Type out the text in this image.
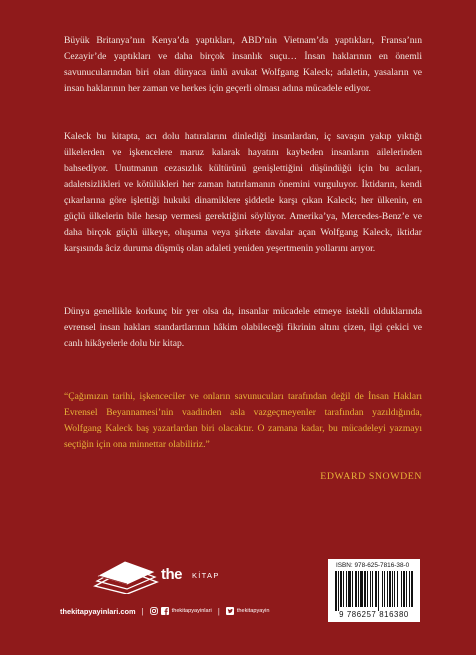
Büyük Britanya’nın Kenya’da yaptıkları, ABD’nin Vietnam’da yaptıkları, Fransa’nın Cezayir’de yaptıkları ve daha birçok insanlık suçu… İnsan haklarının en önemli savunucularından biri olan dünyaca ünlü avukat Wolfgang Kaleck; adaletin, yasaların ve insan haklarının her zaman ve herkes için geçerli olması adına mücadele ediyor.

Kaleck bu kitapta, acı dolu hatıralarını dinlediği insanlardan, iç savaşın yakıp yıktığı ülkelerden ve işkencelere maruz kalarak hayatını kaybeden insanların ailelerinden bahsediyor. Unutmanın cezasızlık kültürünü genişlettiğini düşündüğü için bu acıları, adaletsizlikleri ve kötülükleri her zaman hatırlamanın önemini vurguluyor. İktidarın, kendi çıkarlarına göre işlettiği hukuki dinamiklere şiddetle karşı çıkan Kaleck; her ülkenin, en güçlü ülkelerin bile hesap vermesi gerektiğini söylüyor. Amerika’ya, Mercedes-Benz’e ve daha birçok güçlü ülkeye, oluşuma veya şirkete davalar açan Wolfgang Kaleck, iktidar karşısında âciz duruma düşmüş olan adaleti yeniden yeşertmenin yollarını arıyor.

Dünya genellikle korkunç bir yer olsa da, insanlar mücadele etmeye istekli olduklarında evrensel insan hakları standartlarının hâkim olabileceği fikrinin altını çizen, ilgi çekici ve canlı hikâyelerle dolu bir kitap.

“Çağımızın tarihi, işkenceciler ve onların savunucuları tarafından değil de İnsan Hakları Evrensel Beyannamesi’nin vaadinden asla vazgeçmeyenler tarafından yazıldığında, Wolfgang Kaleck baş yazarlardan biri olacaktır. O zamana kadar, bu mücadeleyi yazmayı seçtiğin için ona minnettar olabiliriz.”

EDWARD SNOWDEN
the KİTAP
thekitapyayinlari.com |	thekitapyayinlari |	thekitapyayin
ISBN: 978-625-7816-38-0
9 786257 816380
